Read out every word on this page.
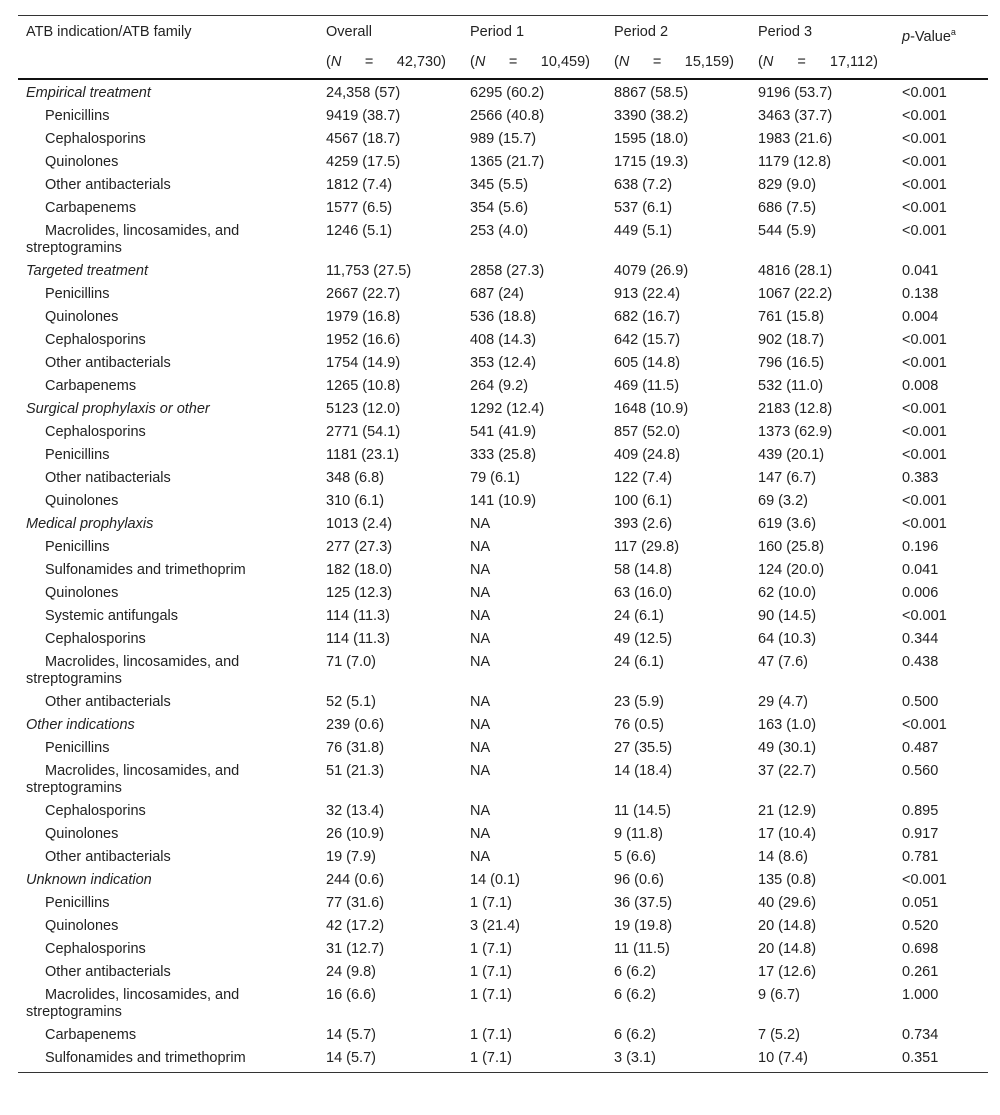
ATB indication/ATB family	Overall	Period 1	Period 2	Period 3	p-Value$^a$

	(N = 42,730)	(N = 10,459)	(N = 15,159)	(N = 17,112)	

Empirical treatment	24,358 (57)	6295 (60.2)	8867 (58.5)	9196 (53.7)	<0.001

Penicillins	9419 (38.7)	2566 (40.8)	3390 (38.2)	3463 (37.7)	<0.001

Cephalosporins	4567 (18.7)	989 (15.7)	1595 (18.0)	1983 (21.6)	<0.001

Quinolones	4259 (17.5)	1365 (21.7)	1715 (19.3)	1179 (12.8)	<0.001

Other antibacterials	1812 (7.4)	345 (5.5)	638 (7.2)	829 (9.0)	<0.001

Carbapenems	1577 (6.5)	354 (5.6)	537 (6.1)	686 (7.5)	<0.001

Macrolides, lincosamides, and streptogramins	1246 (5.1)	253 (4.0)	449 (5.1)	544 (5.9)	<0.001
Targeted treatment	11,753 (27.5)	2858 (27.3)	4079 (26.9)	4816 (28.1)	0.041

Penicillins	2667 (22.7)	687 (24)	913 (22.4)	1067 (22.2)	0.138

Quinolones	1979 (16.8)	536 (18.8)	682 (16.7)	761 (15.8)	0.004

Cephalosporins	1952 (16.6)	408 (14.3)	642 (15.7)	902 (18.7)	<0.001

Other antibacterials	1754 (14.9)	353 (12.4)	605 (14.8)	796 (16.5)	<0.001

Carbapenems	1265 (10.8)	264 (9.2)	469 (11.5)	532 (11.0)	0.008
Surgical prophylaxis or other	5123 (12.0)	1292 (12.4)	1648 (10.9)	2183 (12.8)	<0.001

Cephalosporins	2771 (54.1)	541 (41.9)	857 (52.0)	1373 (62.9)	<0.001

Penicillins	1181 (23.1)	333 (25.8)	409 (24.8)	439 (20.1)	<0.001

Other natibacterials	348 (6.8)	79 (6.1)	122 (7.4)	147 (6.7)	0.383

Quinolones	310 (6.1)	141 (10.9)	100 (6.1)	69 (3.2)	<0.001
Medical prophylaxis	1013 (2.4)	NA	393 (2.6)	619 (3.6)	<0.001

Penicillins	277 (27.3)	NA	117 (29.8)	160 (25.8)	0.196

Sulfonamides and trimethoprim	182 (18.0)	NA	58 (14.8)	124 (20.0)	0.041

Quinolones	125 (12.3)	NA	63 (16.0)	62 (10.0)	0.006

Systemic antifungals	114 (11.3)	NA	24 (6.1)	90 (14.5)	<0.001

Cephalosporins	114 (11.3)	NA	49 (12.5)	64 (10.3)	0.344

Macrolides, lincosamides, and streptogramins	71 (7.0)	NA	24 (6.1)	47 (7.6)	0.438

Other antibacterials	52 (5.1)	NA	23 (5.9)	29 (4.7)	0.500
Other indications	239 (0.6)	NA	76 (0.5)	163 (1.0)	<0.001

Penicillins	76 (31.8)	NA	27 (35.5)	49 (30.1)	0.487

Macrolides, lincosamides, and streptogramins	51 (21.3)	NA	14 (18.4)	37 (22.7)	0.560

Cephalosporins	32 (13.4)	NA	11 (14.5)	21 (12.9)	0.895

Quinolones	26 (10.9)	NA	9 (11.8)	17 (10.4)	0.917

Other antibacterials	19 (7.9)	NA	5 (6.6)	14 (8.6)	0.781
Unknown indication	244 (0.6)	14 (0.1)	96 (0.6)	135 (0.8)	<0.001

Penicillins	77 (31.6)	1 (7.1)	36 (37.5)	40 (29.6)	0.051

Quinolones	42 (17.2)	3 (21.4)	19 (19.8)	20 (14.8)	0.520

Cephalosporins	31 (12.7)	1 (7.1)	11 (11.5)	20 (14.8)	0.698

Other antibacterials	24 (9.8)	1 (7.1)	6 (6.2)	17 (12.6)	0.261

Macrolides, lincosamides, and streptogramins	16 (6.6)	1 (7.1)	6 (6.2)	9 (6.7)	1.000

Carbapenems	14 (5.7)	1 (7.1)	6 (6.2)	7 (5.2)	0.734

Sulfonamides and trimethoprim	14 (5.7)	1 (7.1)	3 (3.1)	10 (7.4)	0.351
